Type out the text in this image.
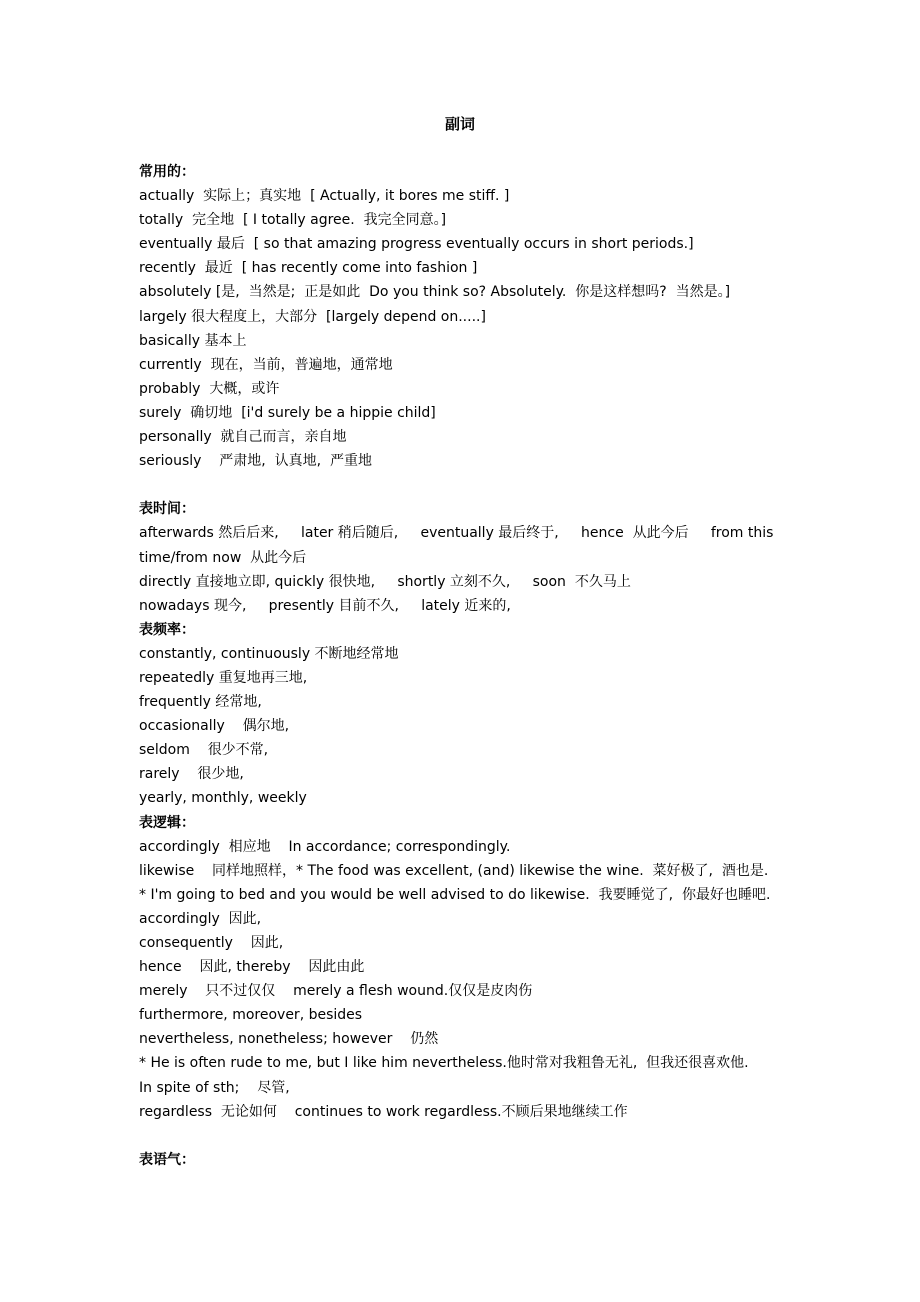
副词
常用的：
actually  实际上；真实地  [ Actually, it bores me stiff. ]
totally  完全地  [ I totally agree.  我完全同意。]
eventually 最后  [ so that amazing progress eventually occurs in short periods.]
recently  最近  [ has recently come into fashion ]
absolutely [是,  当然是;  正是如此  Do you think so? Absolutely.  你是这样想吗?  当然是。]
largely 很大程度上，大部分  [largely depend on.....]
basically 基本上
currently  现在，当前，普遍地，通常地
probably  大概，或许
surely  确切地  [i'd surely be a hippie child]
personally  就自己而言，亲自地
seriously    严肃地,  认真地,  严重地
表时间：
afterwards 然后后来,     later 稍后随后,     eventually 最后终于,     hence  从此今后     from this
time/from now  从此今后
directly 直接地立即, quickly 很快地,     shortly 立刻不久,     soon  不久马上
nowadays 现今,     presently 目前不久,     lately 近来的,
表频率：
constantly, continuously 不断地经常地
repeatedly 重复地再三地,
frequently 经常地,
occasionally    偶尔地,
seldom    很少不常,
rarely    很少地,
yearly, monthly, weekly
表逻辑：
accordingly  相应地    In accordance; correspondingly.
likewise    同样地照样，* The food was excellent, (and) likewise the wine.  菜好极了,  酒也是.
* I'm going to bed and you would be well advised to do likewise.  我要睡觉了,  你最好也睡吧.
accordingly  因此,
consequently    因此,
hence    因此, thereby    因此由此
merely    只不过仅仅    merely a flesh wound.仅仅是皮肉伤
furthermore, moreover, besides
nevertheless, nonetheless; however    仍然
* He is often rude to me, but I like him nevertheless.他时常对我粗鲁无礼,  但我还很喜欢他.
In spite of sth;    尽管,
regardless  无论如何    continues to work regardless.不顾后果地继续工作
表语气：
